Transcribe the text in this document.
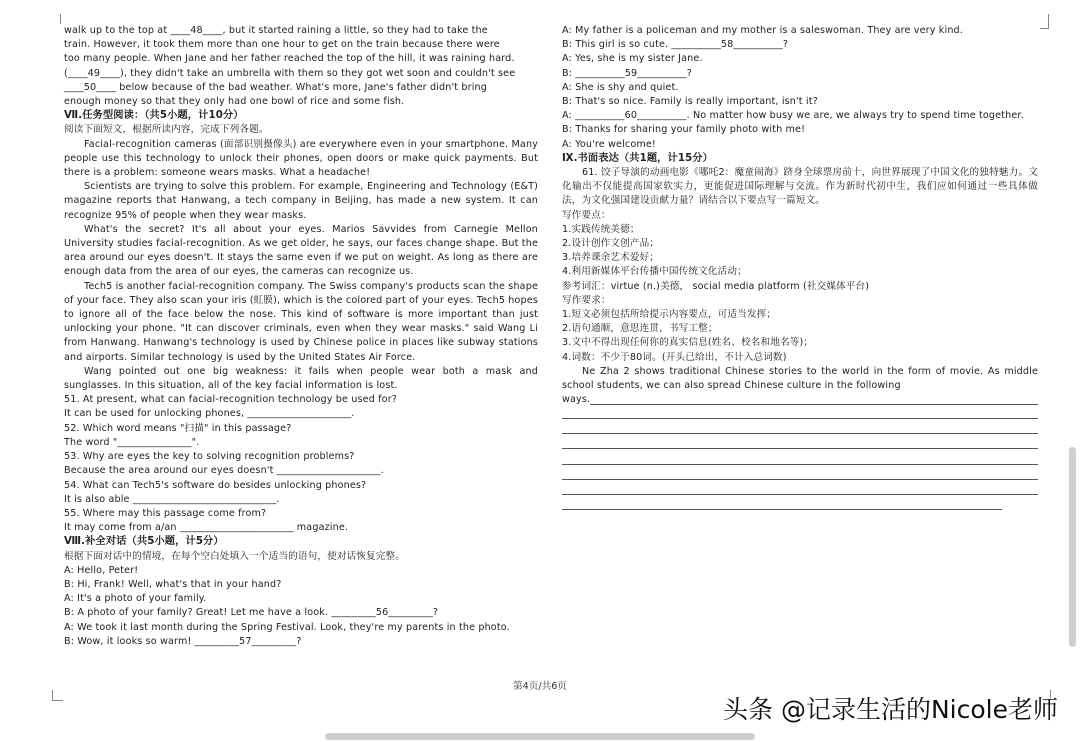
walk up to the top at ____48____, but it started raining a little, so they had to take the

train. However, it took them more than one hour to get on the train because there were

too many people. When Jane and her father reached the top of the hill, it was raining hard.

(____49____), they didn't take an umbrella with them so they got wet soon and couldn't see

____50____ below because of the bad weather. What's more, Jane's father didn't bring

enough money so that they only had one bowl of rice and some fish.

Ⅶ.任务型阅读：（共5小题，计10分）

阅读下面短文，根据所读内容，完成下列各题。

Facial-recognition cameras (面部识别摄像头) are everywhere even in your smartphone. Many people use this technology to unlock their phones, open doors or make quick payments. But there is a problem: someone wears masks. What a headache!

Scientists are trying to solve this problem. For example, Engineering and Technology (E&T) magazine reports that Hanwang, a tech company in Beijing, has made a new system. It can recognize 95% of people when they wear masks.

What's the secret? It's all about your eyes. Marios Savvides from Carnegie Mellon University studies facial-recognition. As we get older, he says, our faces change shape. But the area around our eyes doesn't. It stays the same even if we put on weight. As long as there are enough data from the area of our eyes, the cameras can recognize us.

Tech5 is another facial-recognition company. The Swiss company's products scan the shape of your face. They also scan your iris (虹膜), which is the colored part of your eyes. Tech5 hopes to ignore all of the face below the nose. This kind of software is more important than just unlocking your phone. "It can discover criminals, even when they wear masks." said Wang Li from Hanwang. Hanwang's technology is used by Chinese police in places like subway stations and airports. Similar technology is used by the United States Air Force.

Wang pointed out one big weakness: it fails when people wear both a mask and sunglasses. In this situation, all of the key facial information is lost.

51. At present, what can facial-recognition technology be used for?

It can be used for unlocking phones, _____________________.

52. Which word means "扫描" in this passage?

The word "_______________".

53. Why are eyes the key to solving recognition problems?

Because the area around our eyes doesn't _____________________.

54. What can Tech5's software do besides unlocking phones?

It is also able _____________________________.

55. Where may this passage come from?

It may come from a/an _______________________ magazine.

Ⅷ.补全对话（共5小题，计5分）

根据下面对话中的情境，在每个空白处填入一个适当的语句，使对话恢复完整。

A: Hello, Peter!

B: Hi, Frank! Well, what's that in your hand?

A: It's a photo of your family.

B: A photo of your family? Great! Let me have a look. _________56_________?

A: We took it last month during the Spring Festival. Look, they're my parents in the photo.

B: Wow, it looks so warm! _________57_________?

A: My father is a policeman and my mother is a saleswoman. They are very kind.

B: This girl is so cute. __________58__________?

A: Yes, she is my sister Jane.

B: __________59__________?

A: She is shy and quiet.

B: That's so nice. Family is really important, isn't it?

A: __________60__________. No matter how busy we are, we always try to spend time together.

B: Thanks for sharing your family photo with me!

A: You're welcome!

Ⅸ.书面表达（共1题，计15分）

61. 饺子导演的动画电影《哪吒2：魔童闹海》跻身全球票房前十，向世界展现了中国文化的独特魅力。文化输出不仅能提高国家软实力，更能促进国际理解与交流。作为新时代初中生，我们应如何通过一些具体做法，为文化强国建设贡献力量？请结合以下要点写一篇短文。

写作要点：

1.实践传统美德；

2.设计创作文创产品；

3.培养课余艺术爱好；

4.利用新媒体平台传播中国传统文化活动；

参考词汇：virtue (n.)美德， social media platform (社交媒体平台)

写作要求：

1.短文必须包括所给提示内容要点，可适当发挥；

2.语句通顺，意思连贯，书写工整；

3.文中不得出现任何你的真实信息(姓名、校名和地名等)；

4.词数：不少于80词。(开头已给出，不计入总词数)

Ne Zha 2 shows traditional Chinese stories to the world in the form of movie. As middle school students, we can also spread Chinese culture in the following

ways.
第4页/共6页
头条 @记录生活的Nicole老师
